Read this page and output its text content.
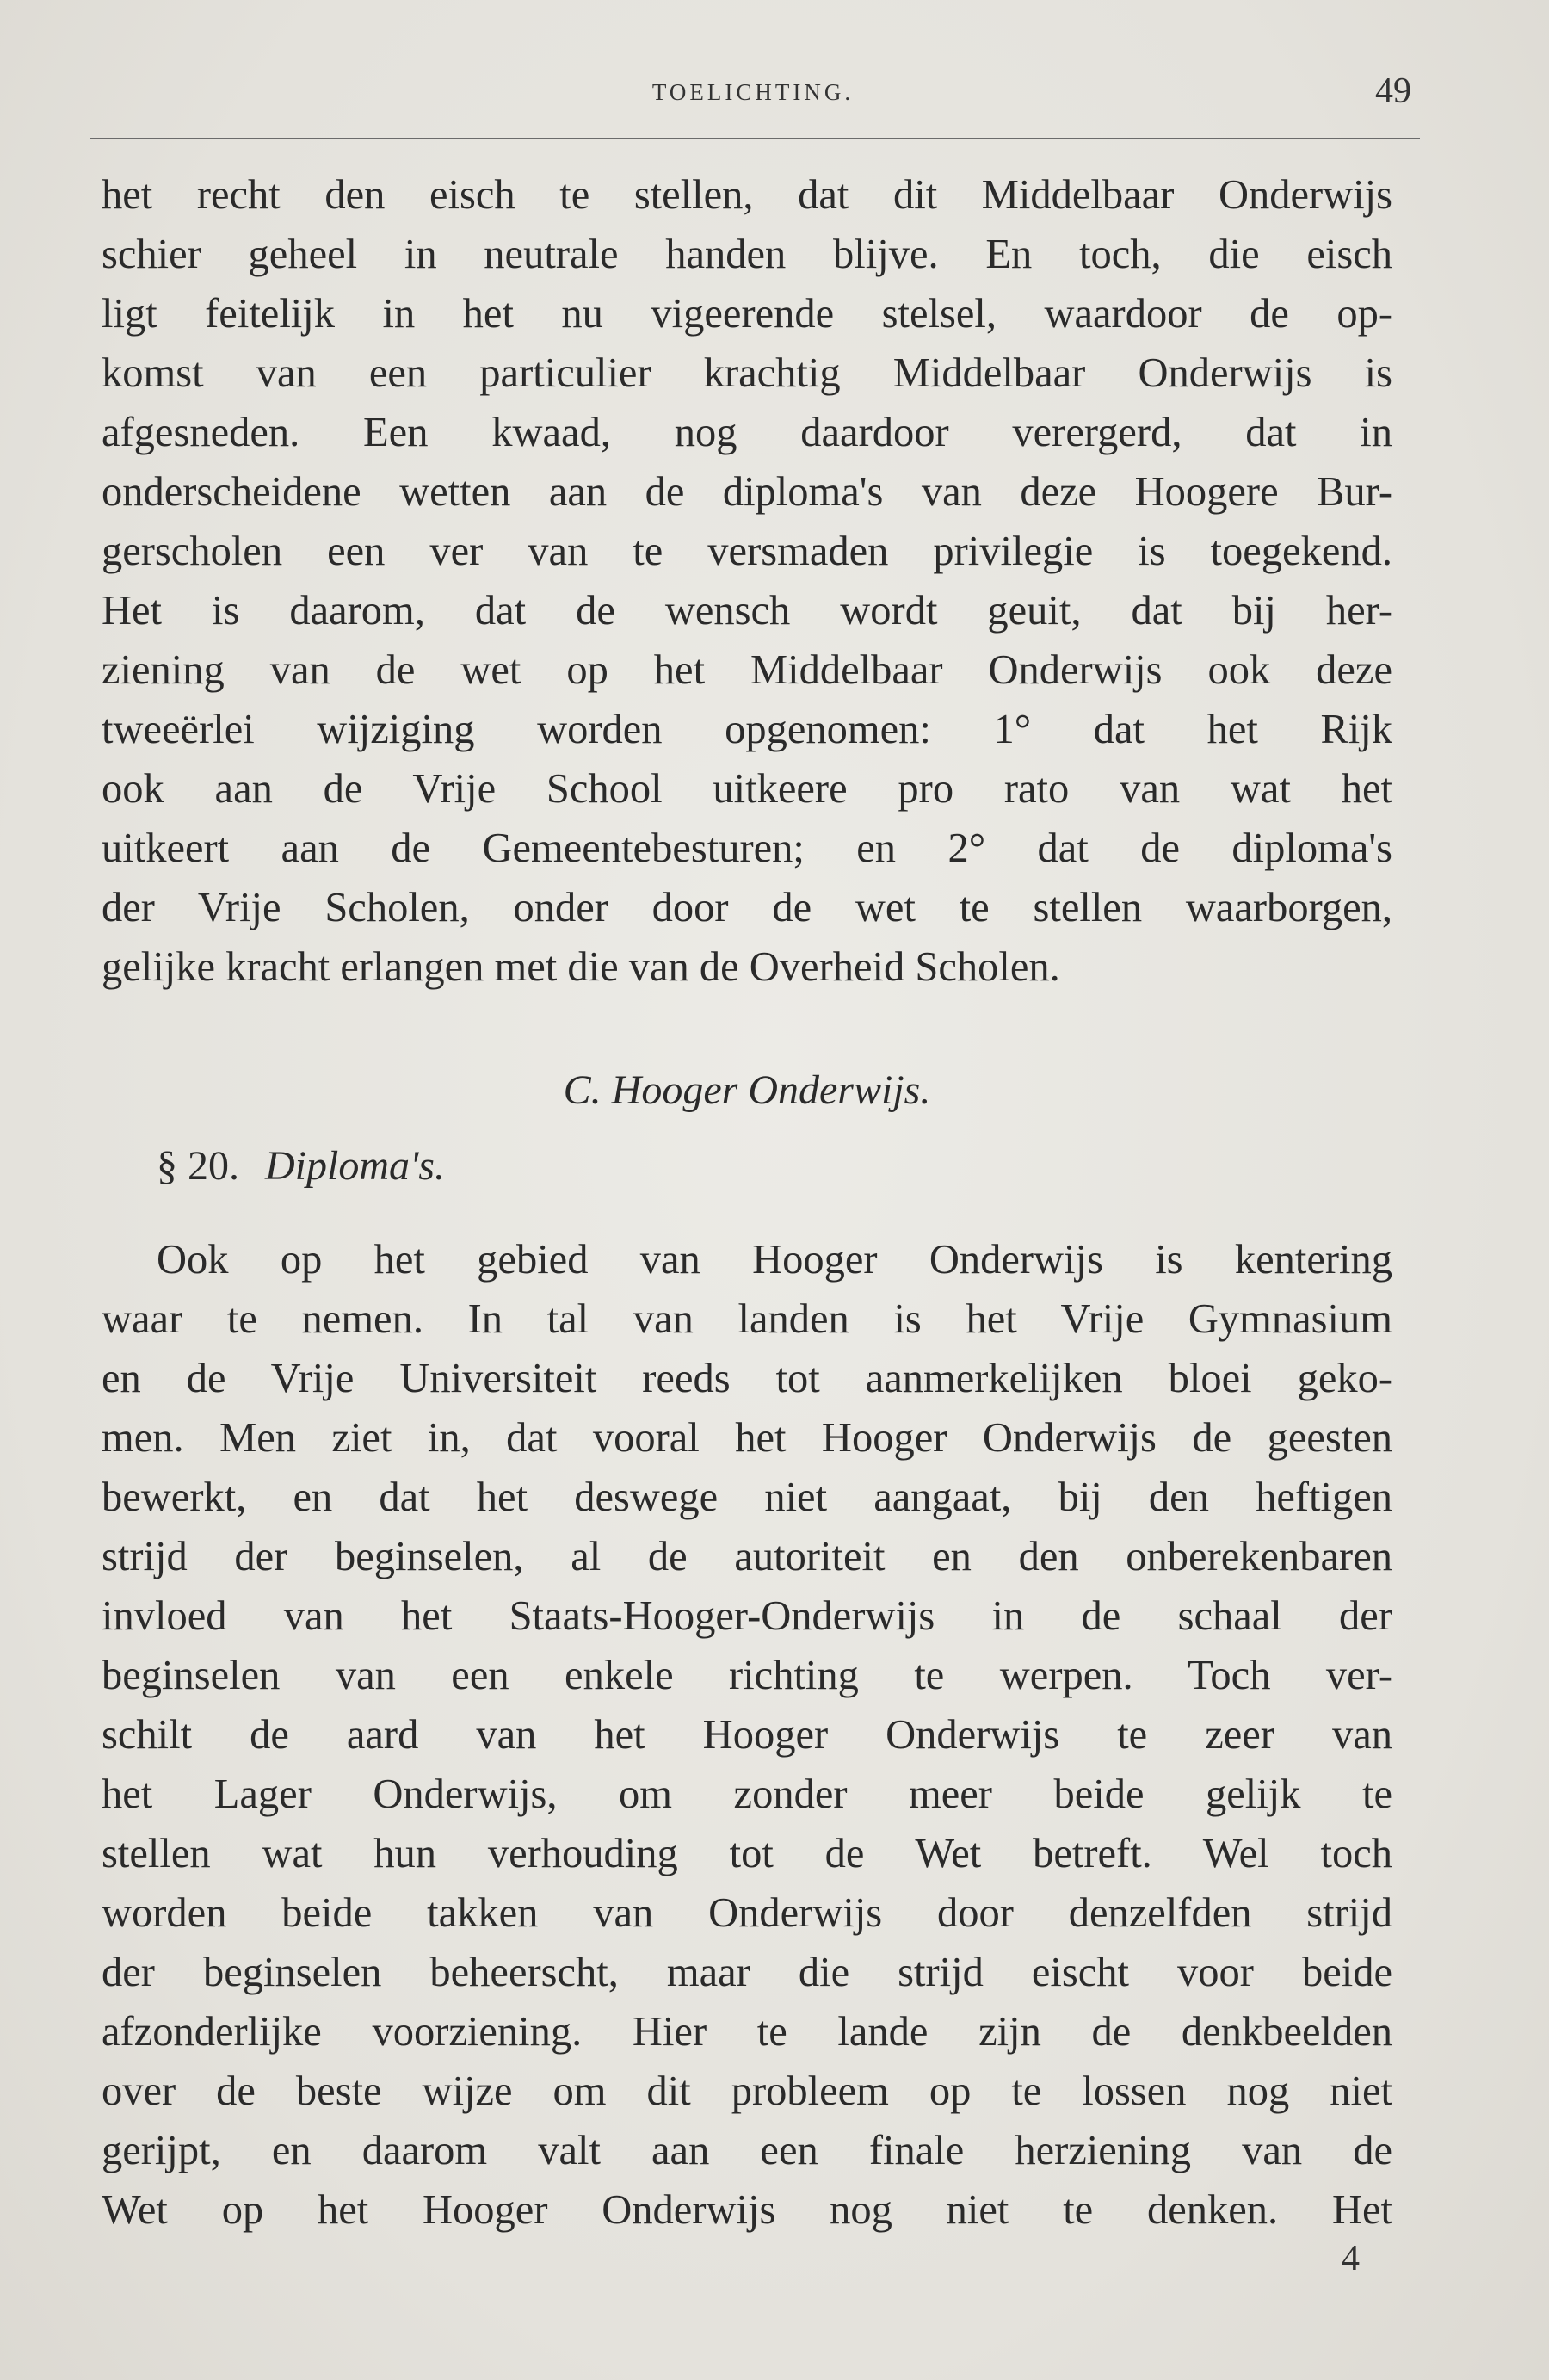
TOELICHTING.	49
het recht den eisch te stellen, dat dit Middelbaar Onderwijs
schier geheel in neutrale handen blijve. En toch, die eisch
ligt feitelijk in het nu vigeerende stelsel, waardoor de op-
komst van een particulier krachtig Middelbaar Onderwijs is
afgesneden. Een kwaad, nog daardoor verergerd, dat in
onderscheidene wetten aan de diploma's van deze Hoogere Bur-
gerscholen een ver van te versmaden privilegie is toegekend.
Het is daarom, dat de wensch wordt geuit, dat bij her-
ziening van de wet op het Middelbaar Onderwijs ook deze
tweeërlei wijziging worden opgenomen: 1° dat het Rijk
ook aan de Vrije School uitkeere pro rato van wat het
uitkeert aan de Gemeentebesturen; en 2° dat de diploma's
der Vrije Scholen, onder door de wet te stellen waarborgen,
gelijke kracht erlangen met die van de Overheid Scholen.
C. Hooger Onderwijs.
§ 20. Diploma's.
Ook op het gebied van Hooger Onderwijs is kentering
waar te nemen. In tal van landen is het Vrije Gymnasium
en de Vrije Universiteit reeds tot aanmerkelijken bloei geko-
men. Men ziet in, dat vooral het Hooger Onderwijs de geesten
bewerkt, en dat het deswege niet aangaat, bij den heftigen
strijd der beginselen, al de autoriteit en den onberekenbaren
invloed van het Staats-Hooger-Onderwijs in de schaal der
beginselen van een enkele richting te werpen. Toch ver-
schilt de aard van het Hooger Onderwijs te zeer van
het Lager Onderwijs, om zonder meer beide gelijk te
stellen wat hun verhouding tot de Wet betreft. Wel toch
worden beide takken van Onderwijs door denzelfden strijd
der beginselen beheerscht, maar die strijd eischt voor beide
afzonderlijke voorziening. Hier te lande zijn de denkbeelden
over de beste wijze om dit probleem op te lossen nog niet
gerijpt, en daarom valt aan een finale herziening van de
Wet op het Hooger Onderwijs nog niet te denken. Het
4
